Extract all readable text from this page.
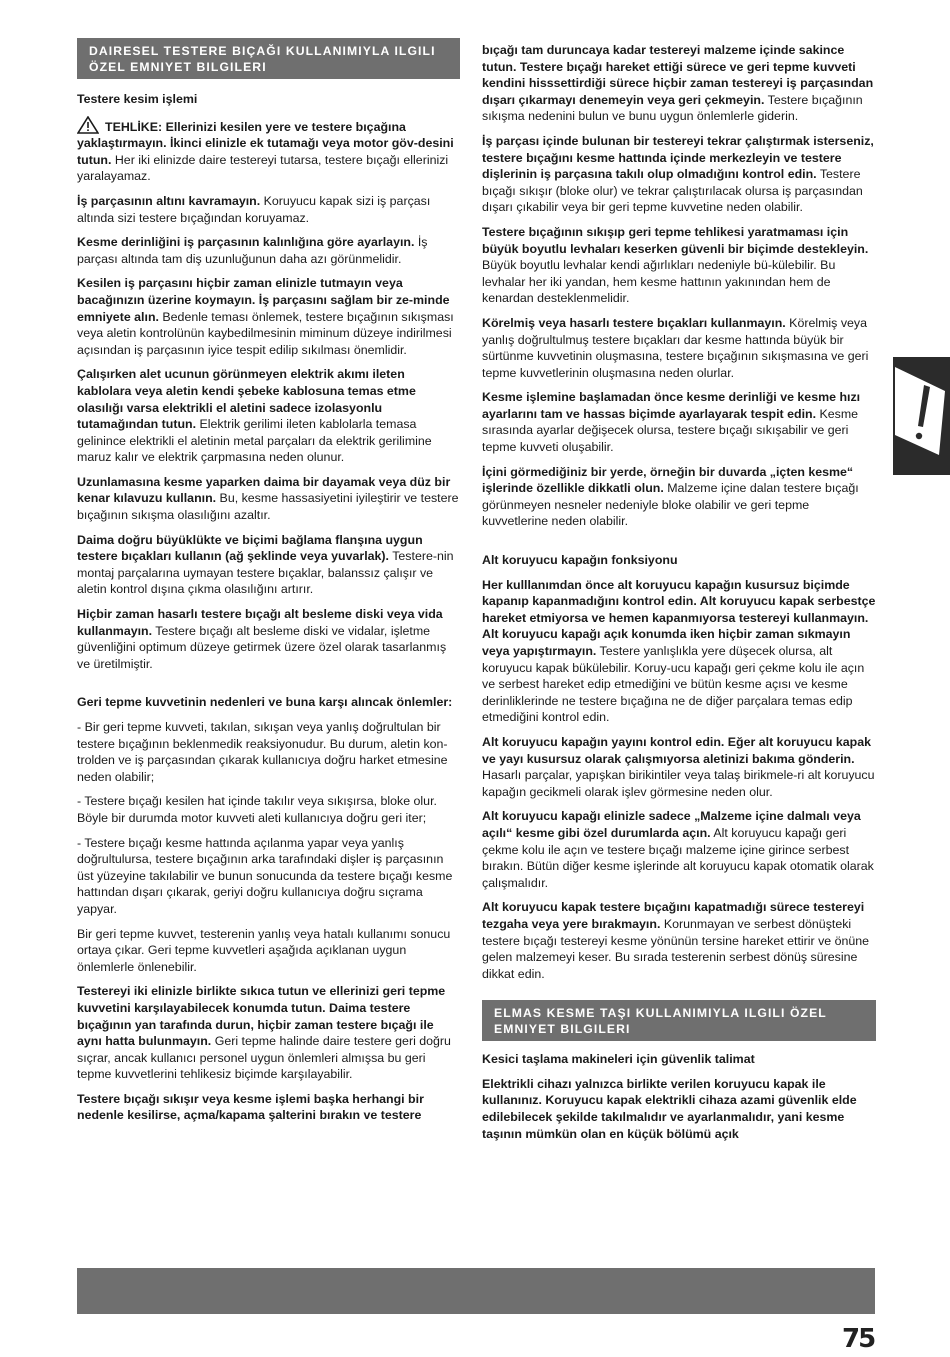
DAIRESEL TESTERE BIÇAĞI KULLANIMIYLA ILGILI ÖZEL EMNIYET BILGILERI

Testere kesim işlemi

TEHLİKE: Ellerinizi kesilen yere ve testere bıçağına yaklaştırmayın. İkinci elinizle ek tutamağı veya motor göv-desini tutun. Her iki elinizde daire testereyi tutarsa, testere bıçağı ellerinizi yaralayamaz.

İş parçasının altını kavramayın. Koruyucu kapak sizi iş parçası altında sizi testere bıçağından koruyamaz.

Kesme derinliğini iş parçasının kalınlığına göre ayarlayın. İş parçası altında tam diş uzunluğunun daha azı görünmelidir.

Kesilen iş parçasını hiçbir zaman elinizle tutmayın veya bacağınızın üzerine koymayın. İş parçasını sağlam bir ze-minde emniyete alın. Bedenle teması önlemek, testere bıçağının sıkışması veya aletin kontrolünün kaybedilmesinin miminum düzeye indirilmesi açısından iş parçasının iyice tespit edilip sıkılması önemlidir.

Çalışırken alet ucunun görünmeyen elektrik akımı ileten kablolara veya aletin kendi şebeke kablosuna temas etme olasılığı varsa elektrikli el aletini sadece izolasyonlu tutamağından tutun. Elektrik gerilimi ileten kablolarla temasa gelinince elektrikli el aletinin metal parçaları da elektrik gerilimine maruz kalır ve elektrik çarpmasına neden olunur.

Uzunlamasına kesme yaparken daima bir dayamak veya düz bir kenar kılavuzu kullanın. Bu, kesme hassasiyetini iyileştirir ve testere bıçağının sıkışma olasılığını azaltır.

Daima doğru büyüklükte ve biçimi bağlama flanşına uygun testere bıçakları kullanın (ağ şeklinde veya yuvarlak). Testere-nin montaj parçalarına uymayan testere bıçaklar, balanssız çalışır ve aletin kontrol dışına çıkma olasılığını artırır.

Hiçbir zaman hasarlı testere bıçağı alt besleme diski veya vida kullanmayın. Testere bıçağı alt besleme diski ve vidalar, işletme güvenliğini optimum düzeye getirmek üzere özel olarak tasarlanmış ve üretilmiştir.

Geri tepme kuvvetinin nedenleri ve buna karşı alıncak önlemler:

- Bir geri tepme kuvveti, takılan, sıkışan veya yanlış doğrultulan bir testere bıçağının beklenmedik reaksiyonudur. Bu durum, aletin kon-trolden ve iş parçasından çıkarak kullanıcıya doğru harket etmesine neden olabilir;

- Testere bıçağı kesilen hat içinde takılır veya sıkışırsa, bloke olur. Böyle bir durumda motor kuvveti aleti kullanıcıya doğru geri iter;

- Testere bıçağı kesme hattında açılanma yapar veya yanlış doğrultulursa, testere bıçağının arka tarafındaki dişler iş parçasının üst yüzeyine takılabilir ve bunun sonucunda da testere bıçağı kesme hattından dışarı çıkarak, geriyi doğru kullanıcıya doğru sıçrama yapyar.

Bir geri tepme kuvvet, testerenin yanlış veya hatalı kullanımı sonucu ortaya çıkar. Geri tepme kuvvetleri aşağıda açıklanan uygun önlemlerle önlenebilir.

Testereyi iki elinizle birlikte sıkıca tutun ve ellerinizi geri tepme kuvvetini karşılayabilecek konumda tutun. Daima testere bıçağının yan tarafında durun, hiçbir zaman testere bıçağı ile aynı hatta bulunmayın. Geri tepme halinde daire testere geri doğru sıçrar, ancak kullanıcı personel uygun önlemleri almışsa bu geri tepme kuvvetlerini tehlikesiz biçimde karşılayabilir.

Testere bıçağı sıkışır veya kesme işlemi başka herhangi bir nedenle kesilirse, açma/kapama şalterini bırakın ve testere

bıçağı tam duruncaya kadar testereyi malzeme içinde sakince tutun. Testere bıçağı hareket ettiği sürece ve geri tepme kuvveti kendini hisssettirdiği sürece hiçbir zaman testereyi iş parçasından dışarı çıkarmayı denemeyin veya geri çekmeyin. Testere bıçağının sıkışma nedenini bulun ve bunu uygun önlemlerle giderin.

İş parçası içinde bulunan bir testereyi tekrar çalıştırmak isterseniz, testere bıçağını kesme hattında içinde merkezleyin ve testere dişlerinin iş parçasına takılı olup olmadığını kontrol edin. Testere bıçağı sıkışır (bloke olur) ve tekrar çalıştırılacak olursa iş parçasından dışarı çıkabilir veya bir geri tepme kuvvetine neden olabilir.

Testere bıçağının sıkışıp geri tepme tehlikesi yaratmaması için büyük boyutlu levhaları keserken güvenli bir biçimde destekleyin. Büyük boyutlu levhalar kendi ağırlıkları nedeniyle bü-külebilir. Bu levhalar her iki yandan, hem kesme hattının yakınından hem de kenardan desteklenmelidir.

Körelmiş veya hasarlı testere bıçakları kullanmayın. Körelmiş veya yanlış doğrultulmuş testere bıçakları dar kesme hattında büyük bir sürtünme kuvvetinin oluşmasına, testere bıçağının sıkışmasına ve geri tepme kuvvetlerinin oluşmasına neden olurlar.

Kesme işlemine başlamadan önce kesme derinliği ve kesme hızı ayarlarını tam ve hassas biçimde ayarlayarak tespit edin. Kesme sırasında ayarlar değişecek olursa, testere bıçağı sıkışabilir ve geri tepme kuvveti oluşabilir.

İçini görmediğiniz bir yerde, örneğin bir duvarda „içten kesme“ işlerinde özellikle dikkatli olun. Malzeme içine dalan testere bıçağı görünmeyen nesneler nedeniyle bloke olabilir ve geri tepme kuvvetlerine neden olabilir.

Alt koruyucu kapağın fonksiyonu

Her kulllanımdan önce alt koruyucu kapağın kusursuz biçimde kapanıp kapanmadığını kontrol edin. Alt koruyucu kapak serbestçe hareket etmiyorsa ve hemen kapanmıyorsa testereyi kullanmayın. Alt koruyucu kapağı açık konumda iken hiçbir zaman sıkmayın veya yapıştırmayın. Testere yanlışlıkla yere düşecek olursa, alt koruyucu kapak bükülebilir. Koruy-ucu kapağı geri çekme kolu ile açın ve serbest hareket edip etmediğini ve bütün kesme açısı ve kesme derinliklerinde ne testere bıçağına ne de diğer parçalara temas edip etmediğini kontrol edin.

Alt koruyucu kapağın yayını kontrol edin. Eğer alt koruyucu kapak ve yayı kusursuz olarak çalışmıyorsa aletinizi bakıma gönderin. Hasarlı parçalar, yapışkan birikintiler veya talaş birikmele-ri alt koruyucu kapağın gecikmeli olarak işlev görmesine neden olur.

Alt koruyucu kapağı elinizle sadece „Malzeme içine dalmalı veya açılı“ kesme gibi özel durumlarda açın. Alt koruyucu kapağı geri çekme kolu ile açın ve testere bıçağı malzeme içine girince serbest bırakın. Bütün diğer kesme işlerinde alt koruyucu kapak otomatik olarak çalışmalıdır.

Alt koruyucu kapak testere bıçağını kapatmadığı sürece testereyi tezgaha veya yere bırakmayın. Korunmayan ve serbest dönüşteki testere bıçağı testereyi kesme yönünün tersine hareket ettirir ve önüne gelen malzemeyi keser. Bu sırada testerenin serbest dönüş süresine dikkat edin.

ELMAS KESME TAŞI KULLANIMIYLA ILGILI ÖZEL EMNIYET BILGILERI

Kesici taşlama makineleri için güvenlik talimat

Elektrikli cihazı yalnızca birlikte verilen koruyucu kapak ile kullanınız. Koruyucu kapak elektrikli cihaza azami güvenlik elde edilebilecek şekilde takılmalıdır ve ayarlanmalıdır, yani kesme taşının mümkün olan en küçük bölümü açık

75
